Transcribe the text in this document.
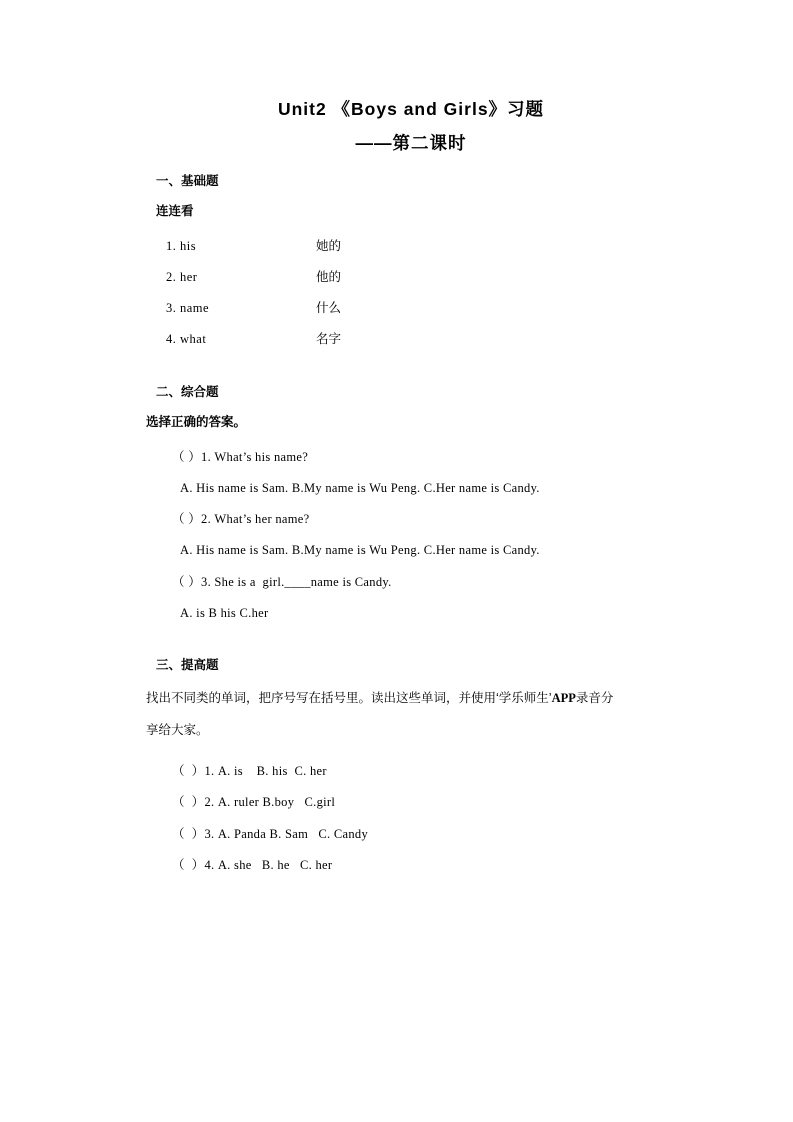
Unit2 《Boys and Girls》习题
——第二课时
一、基础题
连连看
1. his	她的
2. her	他的
3. name	什么
4. what	名字
二、综合题
选择正确的答案。
（ ）1. What’s his name?
A. His name is Sam. B.My name is Wu Peng. C.Her name is Candy.
（ ）2. What’s her name?
A. His name is Sam. B.My name is Wu Peng. C.Her name is Candy.
（ ）3. She is a  girl.____name is Candy.
A. is B his C.her
三、提高题

找出不同类的单词，把序号写在括号里。读出这些单词，并使用‘学乐师生’APP录音分

享给大家。

（  ）1. A. is    B. his  C. her
（  ）2. A. ruler B.boy   C.girl
（  ）3. A. Panda B. Sam   C. Candy
（  ）4. A. she   B. he   C. her
